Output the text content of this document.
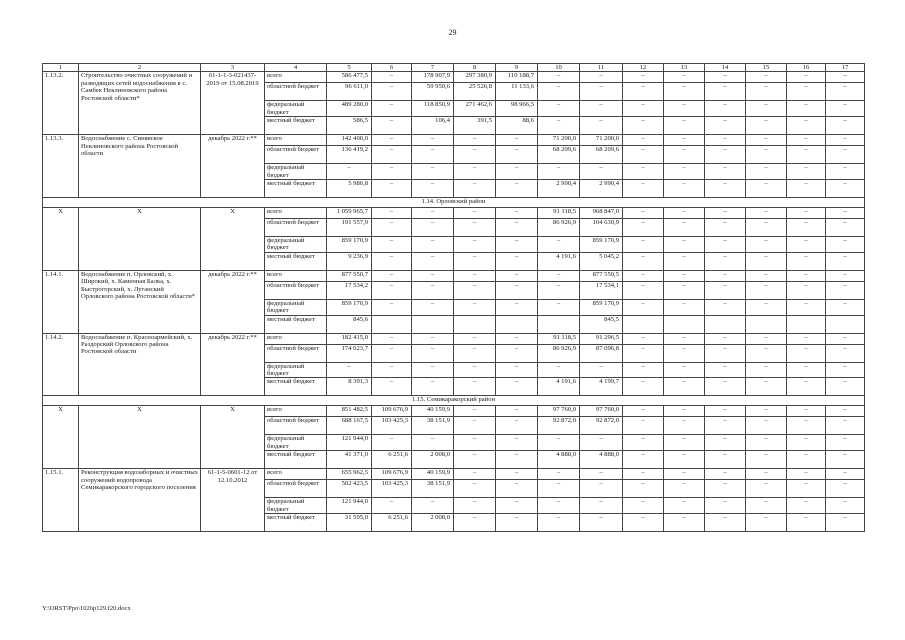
29
1	2	3	4	5	6	7	8	9	10	11	12	13	14	15	16	17
1.13.2.	Строительство очистных сооружений и разводящих сетей водоснабжения в с. Самбек Неклиновского района Ростовской области*	61-1-1-3-021437-2019 от 15.08.2019	всего	586 477,5	–	178 907,9	297 380,9	110 188,7	–	–	–	–	–	–	–	–
			областной бюджет	96 611,0	–	59 950,6	25 526,8	11 133,6	–	–	–	–	–	–	–	–
			федеральный бюджет	489 280,0	–	118 850,9	271 462,6	98 966,5	–	–	–	–	–	–	–	–
			местный бюджет	586,5	–	106,4	391,5	88,6	–	–	–	–	–	–	–	–
1.13.3.	Водоснабжение с. Синявское Неклиновского района Ростовской области	декабрь 2022 г.**	всего	142 400,0	–	–	–	–	71 200,0	71 200,0	–	–	–	–	–	–
			областной бюджет	136 419,2	–	–	–	–	68 209,6	68 209,6	–	–	–	–	–	–
			федеральный бюджет	–	–	–	–	–	–	–	–	–	–	–	–	–
			местный бюджет	5 980,8	–	–	–	–	2 990,4	2 990,4	–	–	–	–	–	–
1.14. Орловский район																
Х	Х	Х	всего	1 059 965,7	–	–	–	–	91 118,5	968 847,0	–	–	–	–	–	–
			областной бюджет	191 557,9	–	–	–	–	86 926,9	104 630,9	–	–	–	–	–	–
			федеральный бюджет	859 170,9	–	–	–	–	–	859 170,9	–	–	–	–	–	–
			местный бюджет	9 236,9	–	–	–	–	4 191,6	5 045,2	–	–	–	–	–	–
1.14.1.	Водоснабжение п. Орловский, х. Широкий, х. Каменная Балка, х. Быстрогорский, х. Луганский Орловского района Ростовской области*	декабрь 2022 г.**	всего	877 550,7	–	–	–	–	–	877 550,5	–	–	–	–	–	–
			областной бюджет	17 534,2	–	–	–	–	–	17 534,1	–	–	–	–	–	–
			федеральный бюджет	859 170,9	–	–	–	–	–	859 170,9	–	–	–	–	–	–
			местный бюджет	845,6						845,5						
1.14.2.	Водоснабжение п. Красноармейский, х. Раздорский Орловского района Ростовской области	декабрь 2022 г.**	всего	182 415,0	–	–	–	–	91 118,5	91 296,5	–	–	–	–	–	–
			областной бюджет	174 023,7	–	–	–	–	86 926,9	87 096,8	–	–	–	–	–	–
			федеральный бюджет	–	–	–	–	–	–	–	–	–	–	–	–	–
			местный бюджет	8 391,3	–	–	–	–	4 191,6	4 199,7	–	–	–	–	–	–
1.15. Семикаракорский район																
Х	Х	Х	всего	851 482,5	109 676,9	40 159,9	–	–	97 760,0	97 760,0	–	–	–	–	–	–
			областной бюджет	688 167,5	103 425,3	38 151,9	–	–	92 872,0	92 872,0	–	–	–	–	–	–
			федеральный бюджет	121 944,0	–	–	–	–	–	–	–	–	–	–	–	–
			местный бюджет	41 371,0	6 251,6	2 008,0	–	–	4 888,0	4 888,0	–	–	–	–	–	–
1.15.1.	Реконструкция водозаборных и очистных сооружений водопровода Семикаракорского городского поселения	61-1-5-0601-12 от 12.10.2012	всего	655 962,5	109 676,9	40 159,9	–	–	–	–	–	–	–	–	–	–
			областной бюджет	502 423,5	103 425,3	38 151,9	–	–	–	–	–	–	–	–	–	–
			федеральный бюджет	121 944,0	–	–	–	–	–	–	–	–	–	–	–	–
			местный бюджет	31 595,0	6 251,6	2 008,0	–	–	–	–	–	–	–	–	–	–
Y:\ORST\Ppo\1026p129.f20.docx
